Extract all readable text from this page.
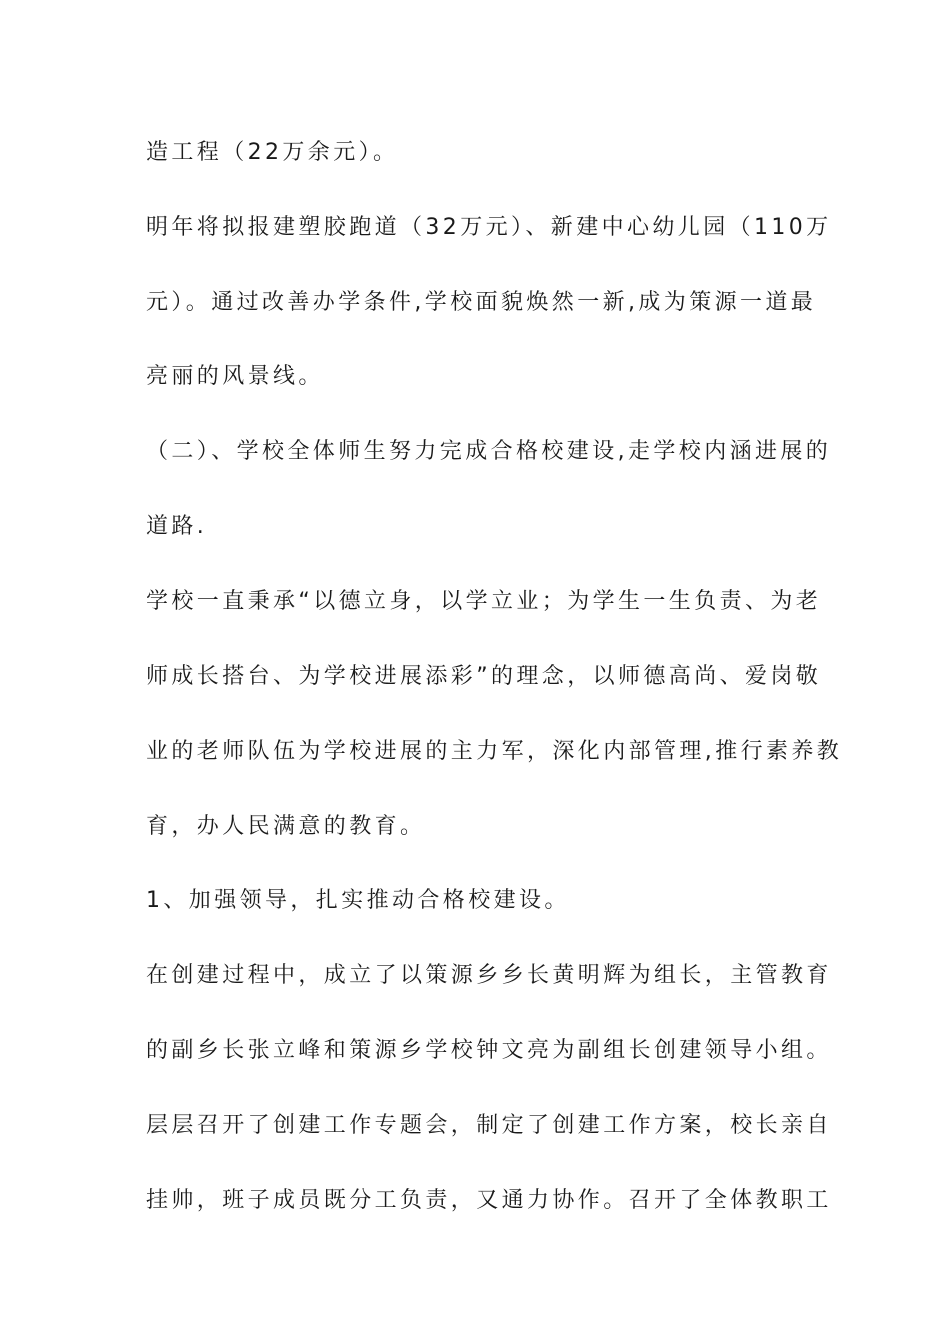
造工程（22万余元）。
明年将拟报建塑胶跑道（32万元）、新建中心幼儿园（110万
元）。通过改善办学条件,学校面貌焕然一新,成为策源一道最
亮丽的风景线。
（二）、学校全体师生努力完成合格校建设,走学校内涵进展的
道路.
学校一直秉承“以德立身，以学立业；为学生一生负责、为老
师成长搭台、为学校进展添彩”的理念，以师德高尚、爱岗敬
业的老师队伍为学校进展的主力军，深化内部管理,推行素养教
育，办人民满意的教育。
1、加强领导，扎实推动合格校建设。
在创建过程中，成立了以策源乡乡长黄明辉为组长，主管教育
的副乡长张立峰和策源乡学校钟文亮为副组长创建领导小组。
层层召开了创建工作专题会，制定了创建工作方案，校长亲自
挂帅，班子成员既分工负责，又通力协作。召开了全体教职工
